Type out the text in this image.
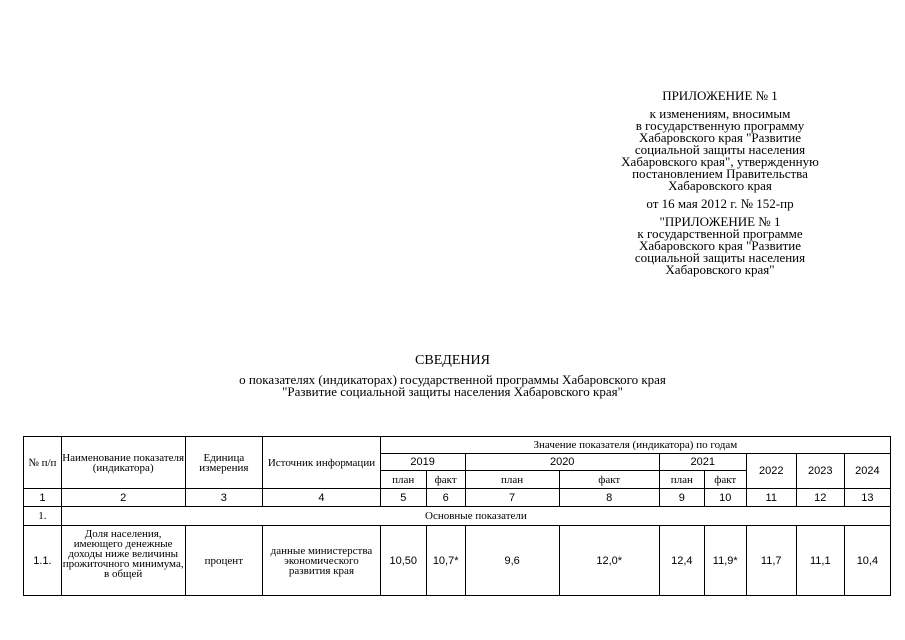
ПРИЛОЖЕНИЕ № 1
к изменениям, вносимым
в государственную программу
Хабаровского края "Развитие
социальной защиты населения
Хабаровского края", утвержденную
постановлением Правительства
Хабаровского края
от 16 мая 2012 г. № 152-пр
"ПРИЛОЖЕНИЕ № 1
к государственной программе
Хабаровского края "Развитие
социальной защиты населения
Хабаровского края"
СВЕДЕНИЯ
о показателях (индикаторах) государственной программы Хабаровского края
"Развитие социальной защиты населения Хабаровского края"
№ п/п	Наименование показателя (индикатора)	Единица измерения	Источник информации	Значение показателя (индикатора) по годам								
				2019		2020		2021		2022	2023	2024
				план	факт	план	факт	план	факт			
1	2	3	4	5	6	7	8	9	10	11	12	13
1.	Основные показатели											
1.1.	Доля населения, имеющего денежные доходы ниже величины прожиточного минимума, в общей	процент	данные министерства экономического развития края	10,50	10,7*	9,6	12,0*	12,4	11,9*	11,7	11,1	10,4
